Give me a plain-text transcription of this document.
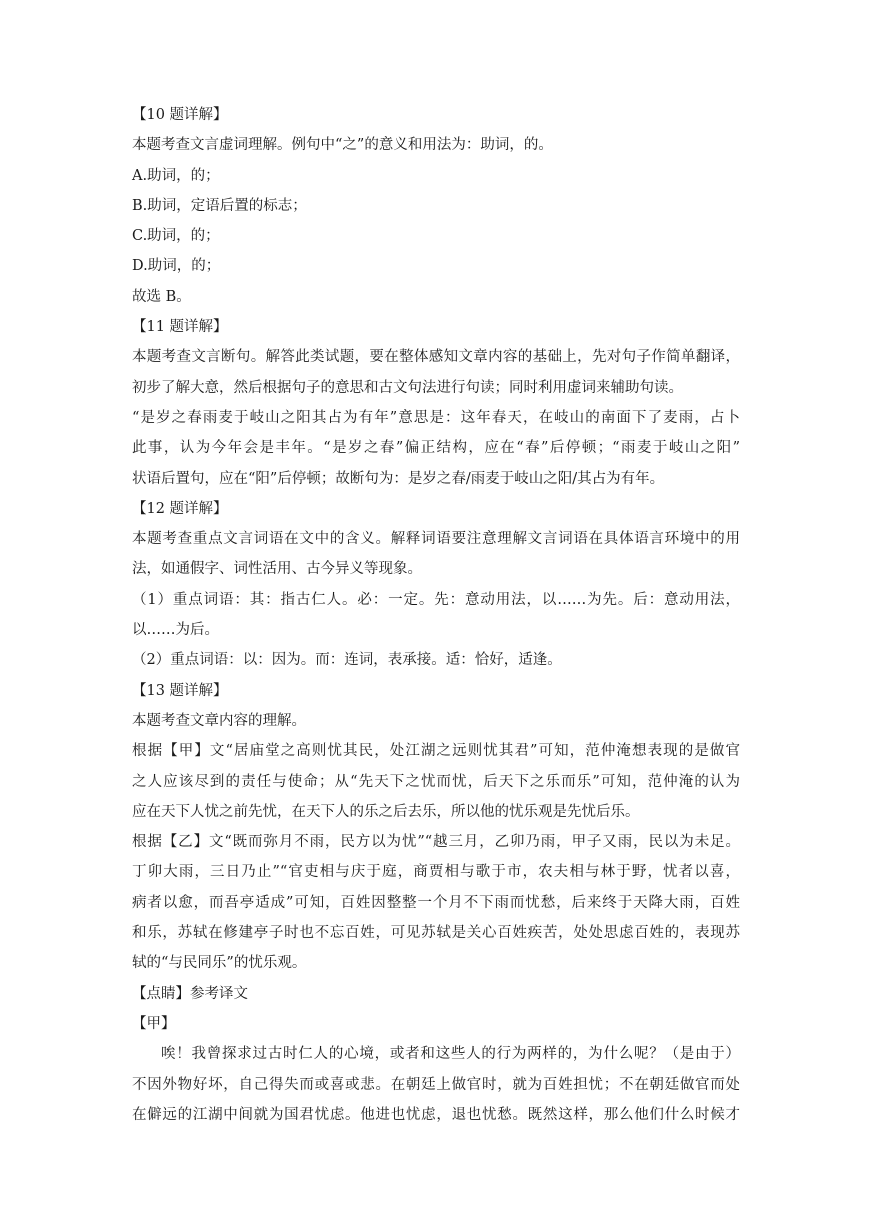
【10 题详解】
本题考查文言虚词理解。例句中“之”的意义和用法为：助词，的。
A.助词，的；
B.助词，定语后置的标志；
C.助词，的；
D.助词，的；
故选 B。
【11 题详解】
本题考查文言断句。解答此类试题，要在整体感知文章内容的基础上，先对句子作简单翻译，
初步了解大意，然后根据句子的意思和古文句法进行句读；同时利用虚词来辅助句读。
“是岁之春雨麦于岐山之阳其占为有年”意思是：这年春天，在岐山的南面下了麦雨，占卜
此事，认为今年会是丰年。“是岁之春”偏正结构，应在“春”后停顿；“雨麦于岐山之阳”
状语后置句，应在“阳”后停顿；故断句为：是岁之春/雨麦于岐山之阳/其占为有年。
【12 题详解】
本题考查重点文言词语在文中的含义。解释词语要注意理解文言词语在具体语言环境中的用
法，如通假字、词性活用、古今异义等现象。
（1）重点词语：其：指古仁人。必：一定。先：意动用法，以……为先。后：意动用法，
以……为后。
（2）重点词语：以：因为。而：连词，表承接。适：恰好，适逢。
【13 题详解】
本题考查文章内容的理解。
根据【甲】文“居庙堂之高则忧其民，处江湖之远则忧其君”可知，范仲淹想表现的是做官
之人应该尽到的责任与使命；从“先天下之忧而忧，后天下之乐而乐”可知，范仲淹的认为
应在天下人忧之前先忧，在天下人的乐之后去乐，所以他的忧乐观是先忧后乐。
根据【乙】文“既而弥月不雨，民方以为忧”“越三月，乙卯乃雨，甲子又雨，民以为未足。
丁卯大雨，三日乃止”“官吏相与庆于庭，商贾相与歌于市，农夫相与林于野，忧者以喜，
病者以愈，而吾亭适成”可知，百姓因整整一个月不下雨而忧愁，后来终于天降大雨，百姓
和乐，苏轼在修建亭子时也不忘百姓，可见苏轼是关心百姓疾苦，处处思虑百姓的，表现苏
轼的“与民同乐”的忧乐观。
【点睛】参考译文
【甲】
唉！我曾探求过古时仁人的心境，或者和这些人的行为两样的，为什么呢？（是由于）
不因外物好坏，自己得失而或喜或悲。在朝廷上做官时，就为百姓担忧；不在朝廷做官而处
在僻远的江湖中间就为国君忧虑。他进也忧虑，退也忧愁。既然这样，那么他们什么时候才
